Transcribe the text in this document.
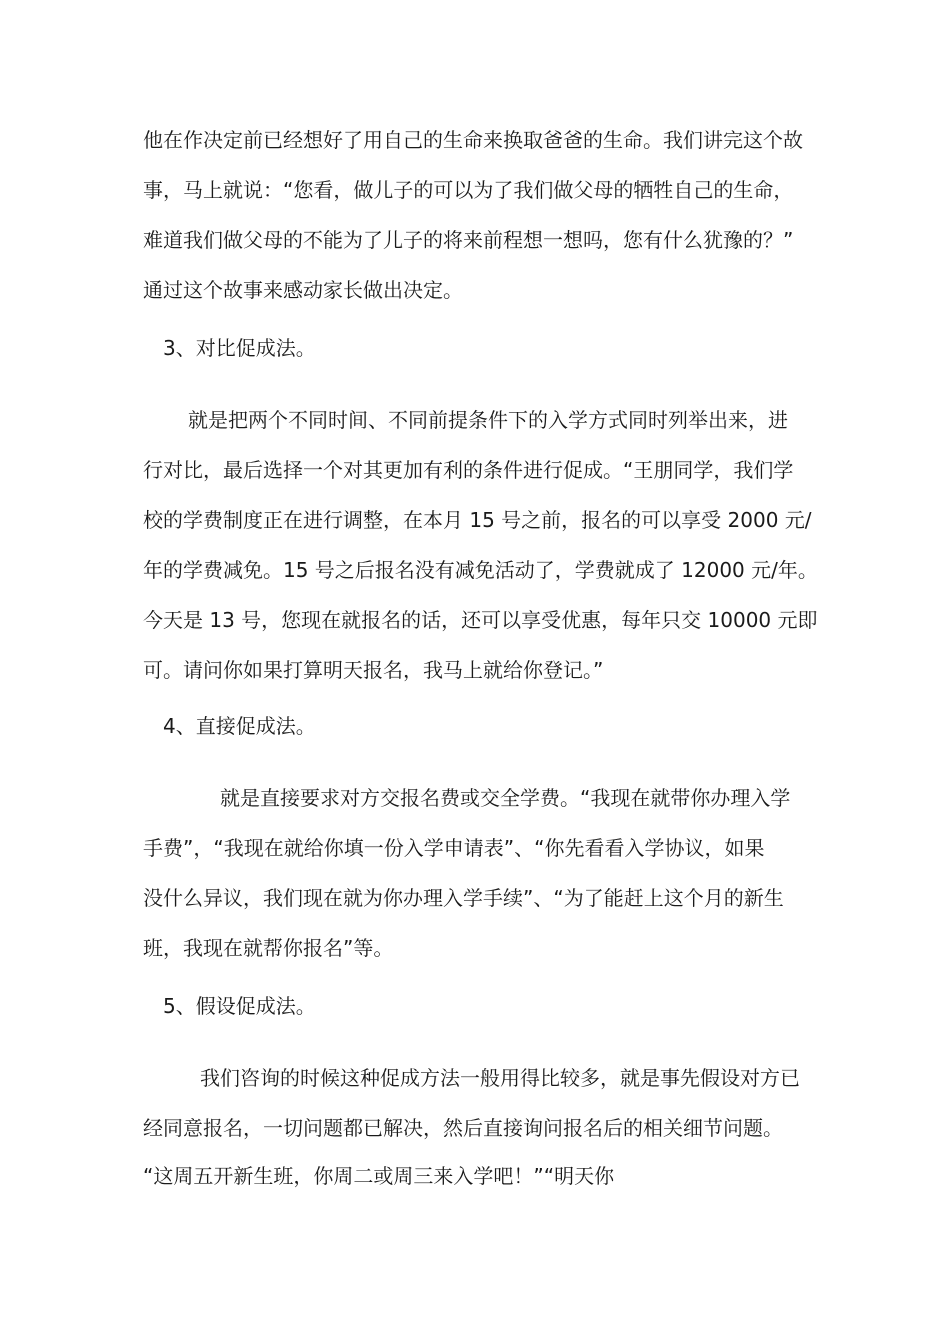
他在作决定前已经想好了用自己的生命来换取爸爸的生命。我们讲完这个故

事，马上就说：“您看，做儿子的可以为了我们做父母的牺牲自己的生命，

难道我们做父母的不能为了儿子的将来前程想一想吗，您有什么犹豫的？”

通过这个故事来感动家长做出决定。

3、对比促成法。

就是把两个不同时间、不同前提条件下的入学方式同时列举出来，进

行对比，最后选择一个对其更加有利的条件进行促成。“王朋同学，我们学

校的学费制度正在进行调整，在本月 15 号之前，报名的可以享受 2000 元/

年的学费减免。15 号之后报名没有减免活动了，学费就成了 12000 元/年。

今天是 13 号，您现在就报名的话，还可以享受优惠，每年只交 10000 元即

可。请问你如果打算明天报名，我马上就给你登记。”

4、直接促成法。

就是直接要求对方交报名费或交全学费。“我现在就带你办理入学

手费”，“我现在就给你填一份入学申请表”、“你先看看入学协议，如果

没什么异议，我们现在就为你办理入学手续”、“为了能赶上这个月的新生

班，我现在就帮你报名”等。

5、假设促成法。

我们咨询的时候这种促成方法一般用得比较多，就是事先假设对方已

经同意报名，一切问题都已解决，然后直接询问报名后的相关细节问题。

“这周五开新生班，你周二或周三来入学吧！”“明天你
